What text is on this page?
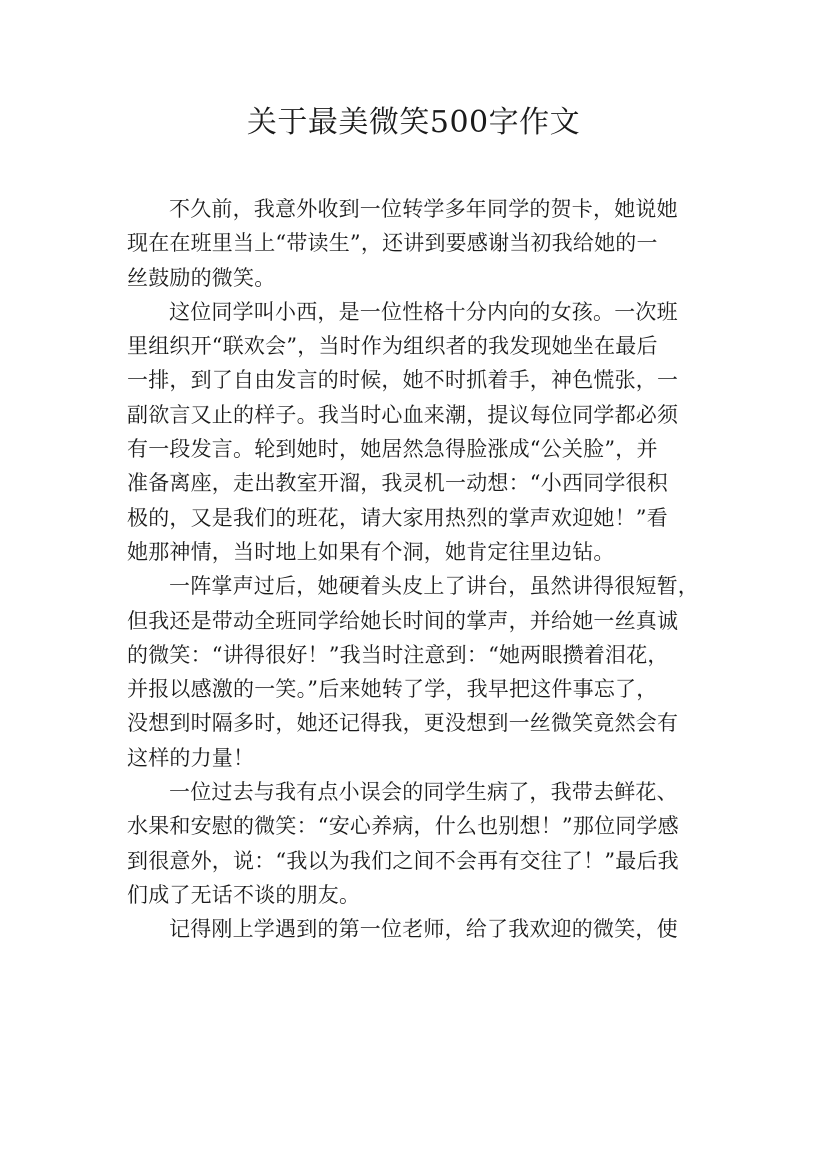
关于最美微笑500字作文

不久前，我意外收到一位转学多年同学的贺卡，她说她
现在在班里当上“带读生”，还讲到要感谢当初我给她的一
丝鼓励的微笑。

这位同学叫小西，是一位性格十分内向的女孩。一次班
里组织开“联欢会”，当时作为组织者的我发现她坐在最后
一排，到了自由发言的时候，她不时抓着手，神色慌张，一
副欲言又止的样子。我当时心血来潮，提议每位同学都必须
有一段发言。轮到她时，她居然急得脸涨成“公关脸”，并
准备离座，走出教室开溜，我灵机一动想：“小西同学很积
极的，又是我们的班花，请大家用热烈的掌声欢迎她！”看
她那神情，当时地上如果有个洞，她肯定往里边钻。

一阵掌声过后，她硬着头皮上了讲台，虽然讲得很短暂，
但我还是带动全班同学给她长时间的掌声，并给她一丝真诚
的微笑：“讲得很好！”我当时注意到：“她两眼攒着泪花，
并报以感激的一笑。”后来她转了学，我早把这件事忘了，
没想到时隔多时，她还记得我，更没想到一丝微笑竟然会有
这样的力量！

一位过去与我有点小误会的同学生病了，我带去鲜花、
水果和安慰的微笑：“安心养病，什么也别想！”那位同学感
到很意外，说：“我以为我们之间不会再有交往了！”最后我
们成了无话不谈的朋友。

记得刚上学遇到的第一位老师，给了我欢迎的微笑，使
